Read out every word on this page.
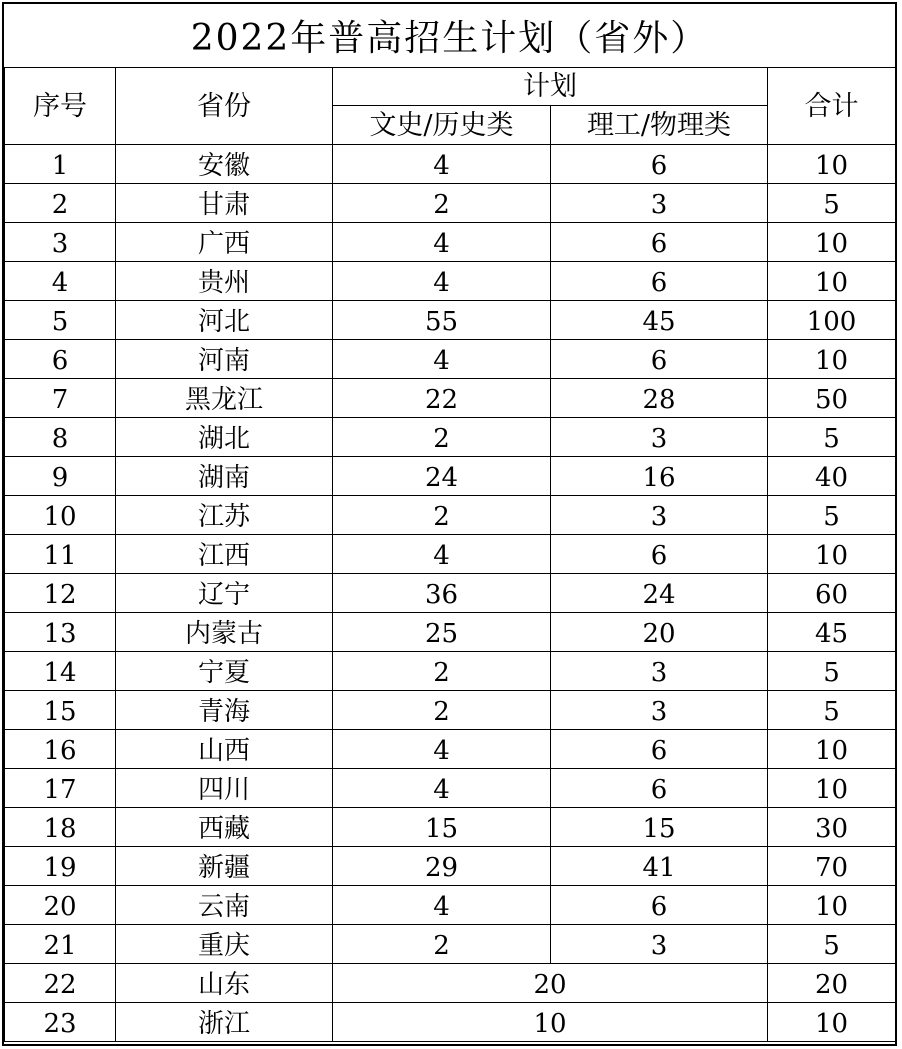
2022年普高招生计划（省外）
序号	省份	计划		合计
		文史/历史类	理工/物理类	
1	安徽	4	6	10
2	甘肃	2	3	5
3	广西	4	6	10
4	贵州	4	6	10
5	河北	55	45	100
6	河南	4	6	10
7	黑龙江	22	28	50
8	湖北	2	3	5
9	湖南	24	16	40
10	江苏	2	3	5
11	江西	4	6	10
12	辽宁	36	24	60
13	内蒙古	25	20	45
14	宁夏	2	3	5
15	青海	2	3	5
16	山西	4	6	10
17	四川	4	6	10
18	西藏	15	15	30
19	新疆	29	41	70
20	云南	4	6	10
21	重庆	2	3	5
22	山东	20		20
23	浙江	10		10
